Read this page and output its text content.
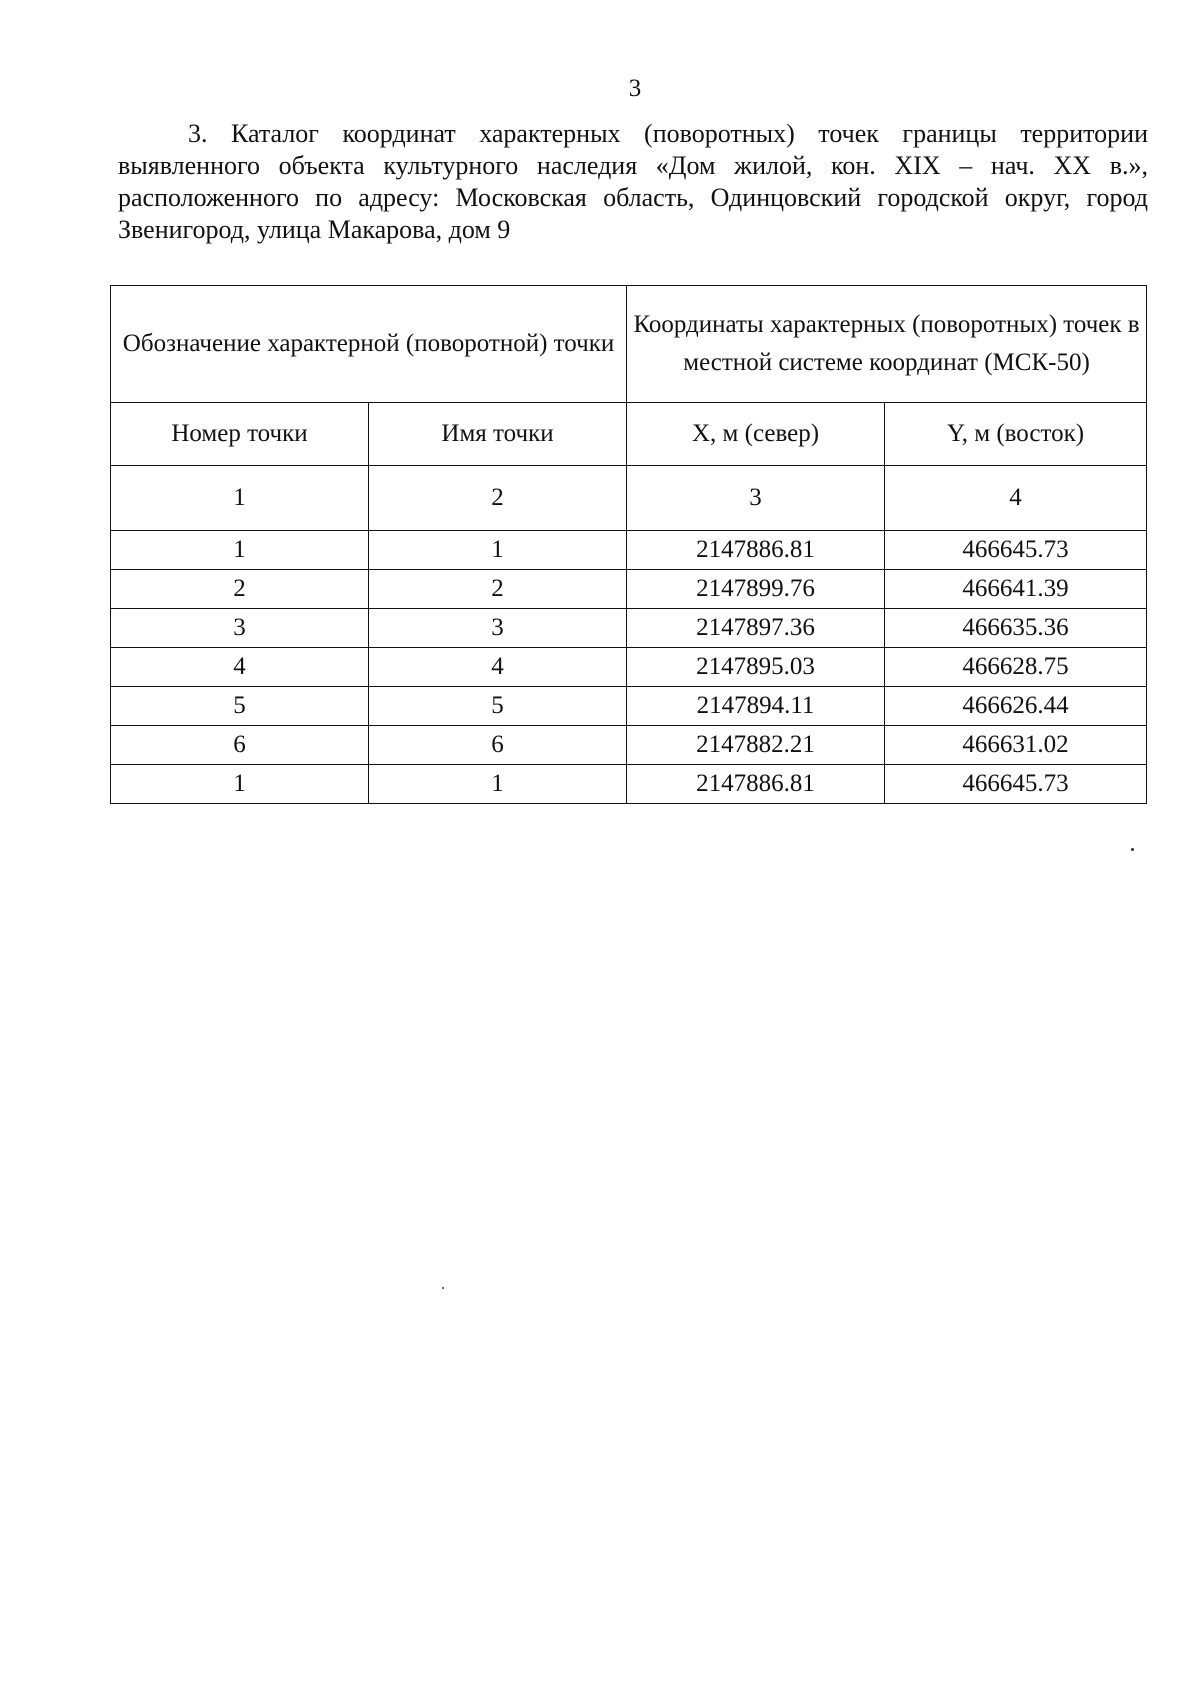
3
3. Каталог координат характерных (поворотных) точек границы территории выявленного объекта культурного наследия «Дом жилой, кон. XIX – нач. XX в.», расположенного по адресу: Московская область, Одинцовский городской округ, город Звенигород, улица Макарова, дом 9
Обозначение характерной (поворотной) точки		Координаты характерных (поворотных) точек в местной системе координат (МСК-50)	
Номер точки	Имя точки	X, м (север)	Y, м (восток)
1	2	3	4
1	1	2147886.81	466645.73
2	2	2147899.76	466641.39
3	3	2147897.36	466635.36
4	4	2147895.03	466628.75
5	5	2147894.11	466626.44
6	6	2147882.21	466631.02
1	1	2147886.81	466645.73
